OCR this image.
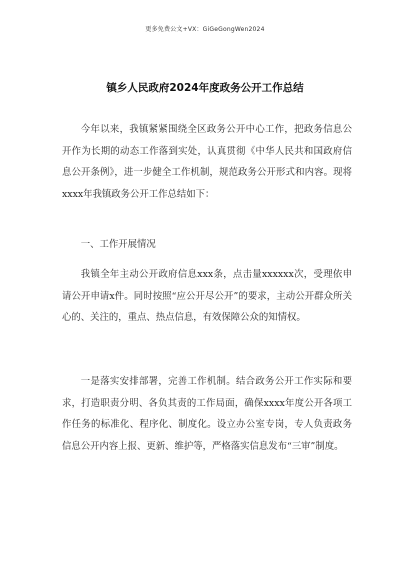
更多免费公文+VX：GiGeGongWen2024
镇乡人民政府2024年度政务公开工作总结

今年以来，我镇紧紧围绕全区政务公开中心工作，把政务信息公开作为长期的动态工作落到实处，认真贯彻《中华人民共和国政府信息公开条例》，进一步健全工作机制，规范政务公开形式和内容。现将xxxx年我镇政务公开工作总结如下：

一、工作开展情况

我镇全年主动公开政府信息xxx条，点击量xxxxxx次，受理依申请公开申请x件。同时按照“应公开尽公开”的要求，主动公开群众所关心的、关注的，重点、热点信息，有效保障公众的知情权。

一是落实安排部署，完善工作机制。结合政务公开工作实际和要求，打造职责分明、各负其责的工作局面，确保xxxx年度公开各项工作任务的标准化、程序化、制度化。设立办公室专岗，专人负责政务信息公开内容上报、更新、维护等，严格落实信息发布“三审”制度。
